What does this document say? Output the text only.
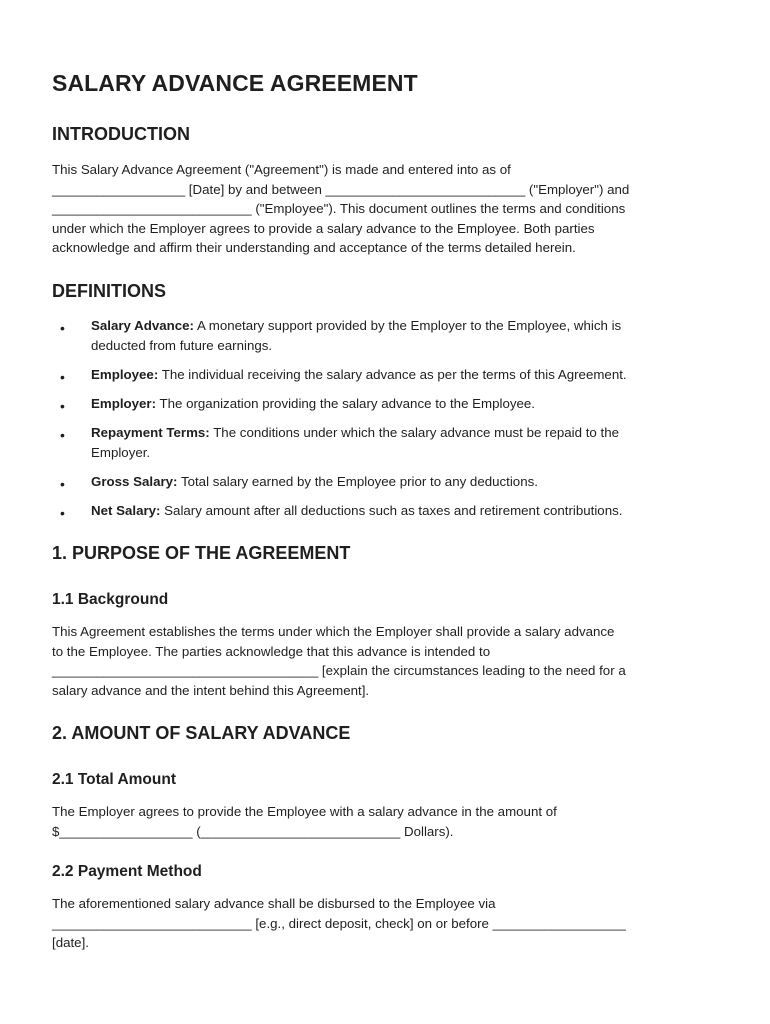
SALARY ADVANCE AGREEMENT
INTRODUCTION
This Salary Advance Agreement ("Agreement") is made and entered into as of
__________________ [Date] by and between ___________________________ ("Employer") and
___________________________ ("Employee"). This document outlines the terms and conditions
under which the Employer agrees to provide a salary advance to the Employee. Both parties
acknowledge and affirm their understanding and acceptance of the terms detailed herein.
DEFINITIONS
• Salary Advance: A monetary support provided by the Employer to the Employee, which is
deducted from future earnings.
• Employee: The individual receiving the salary advance as per the terms of this Agreement.
• Employer: The organization providing the salary advance to the Employee.
• Repayment Terms: The conditions under which the salary advance must be repaid to the
Employer.
• Gross Salary: Total salary earned by the Employee prior to any deductions.
• Net Salary: Salary amount after all deductions such as taxes and retirement contributions.
1. PURPOSE OF THE AGREEMENT
1.1 Background
This Agreement establishes the terms under which the Employer shall provide a salary advance
to the Employee. The parties acknowledge that this advance is intended to
____________________________________ [explain the circumstances leading to the need for a
salary advance and the intent behind this Agreement].
2. AMOUNT OF SALARY ADVANCE
2.1 Total Amount
The Employer agrees to provide the Employee with a salary advance in the amount of
$__________________ (___________________________ Dollars).
2.2 Payment Method
The aforementioned salary advance shall be disbursed to the Employee via
___________________________ [e.g., direct deposit, check] on or before __________________
[date].
